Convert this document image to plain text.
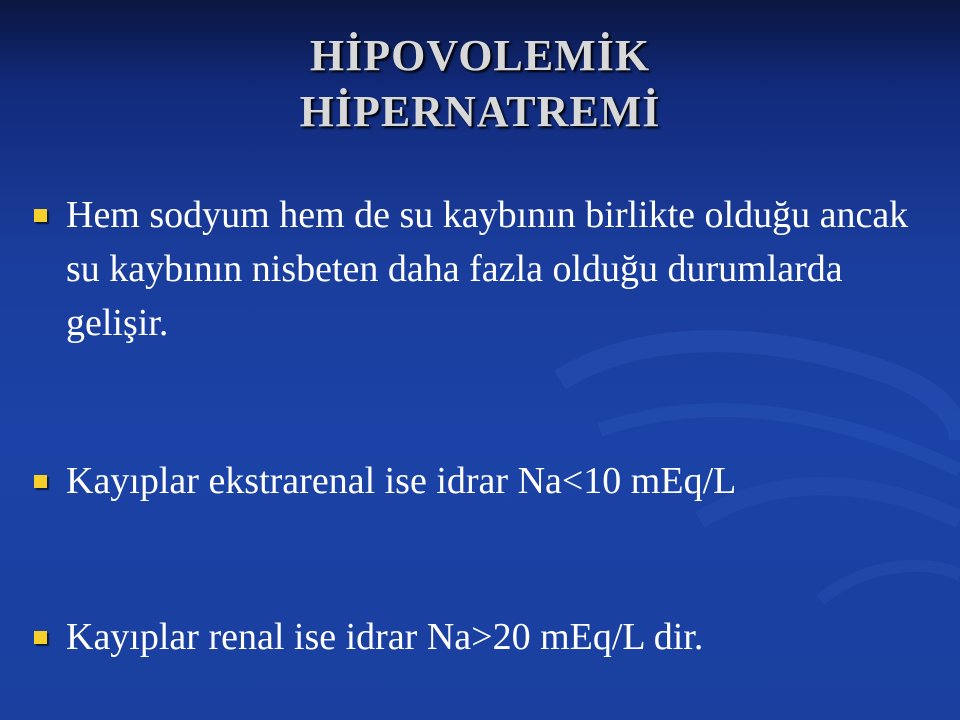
HİPOVOLEMİK
HİPERNATREMİ
Hem sodyum hem de su kaybının birlikte olduğu ancak su kaybının nisbeten daha fazla olduğu durumlarda gelişir.
Kayıplar ekstrarenal ise idrar Na<10 mEq/L
Kayıplar renal ise idrar Na>20 mEq/L dir.
